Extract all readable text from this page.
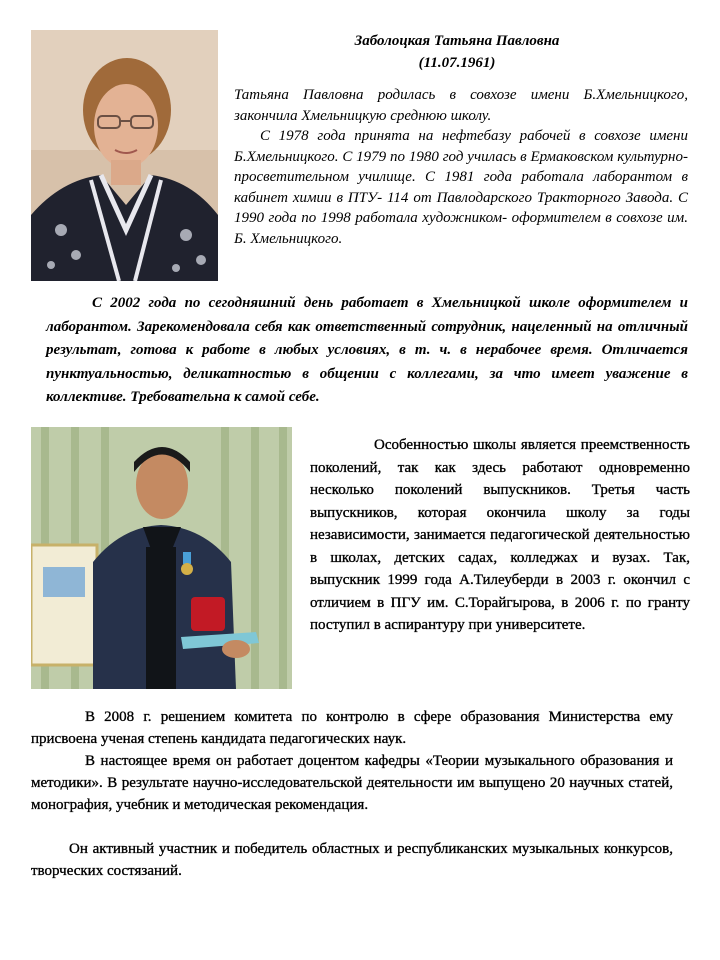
Заболоцкая Татьяна Павловна
(11.07.1961)

Татьяна Павловна родилась в совхозе имени Б.Хмельницкого, закончила Хмельницкую среднюю школу.

С 1978 года принята на нефтебазу рабочей в совхозе имени Б.Хмельницкого. С 1979 по 1980 год училась в Ермаковском культурно-просветительном училище. С 1981 года работала лаборантом в кабинет химии в ПТУ- 114 от Павлодарского Тракторного Завода. С 1990 года по 1998 работала художником- оформителем в совхозе им. Б. Хмельницкого.

С 2002 года по сегодняшний день работает в Хмельницкой школе оформителем и лаборантом. Зарекомендовала себя как ответственный сотрудник, нацеленный на отличный результат, готова к работе в любых условиях, в т. ч. в нерабочее время. Отличается пунктуальностью, деликатностью в общении с коллегами, за что имеет уважение в коллективе. Требовательна к самой себе.

Особенностью школы является преемственность поколений, так как здесь работают одновременно несколько поколений выпускников. Третья часть выпускников, которая окончила школу за годы независимости, занимается педагогической деятельностью в школах, детских садах, колледжах и вузах. Так, выпускник 1999 года А.Тилеуберди в 2003 г. окончил с отличием в ПГУ им. С.Торайгырова, в 2006 г. по гранту поступил в аспирантуру при университете.

В 2008 г. решением комитета по контролю в сфере образования Министерства ему присвоена ученая степень кандидата педагогических наук.

В настоящее время он работает доцентом кафедры «Теории музыкального образования и методики». В результате научно-исследовательской деятельности им выпущено 20 научных статей, монография, учебник и методическая рекомендация.

Он активный участник и победитель областных и республиканских музыкальных конкурсов, творческих состязаний.
